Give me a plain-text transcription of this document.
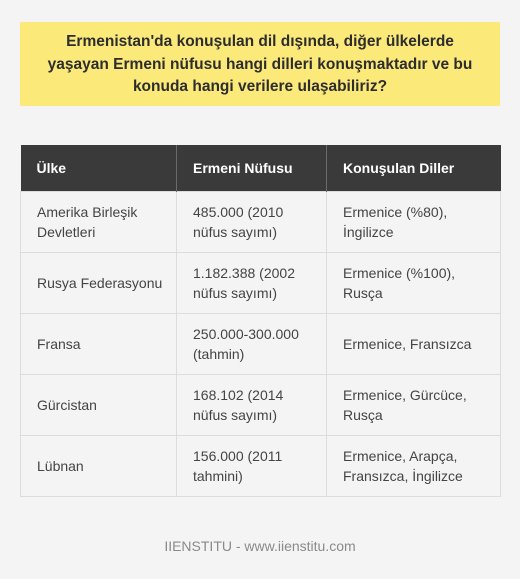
Ermenistan'da konuşulan dil dışında, diğer ülkelerde yaşayan Ermeni nüfusu hangi dilleri konuşmaktadır ve bu konuda hangi verilere ulaşabiliriz?
Ülke	Ermeni Nüfusu	Konuşulan Diller
Amerika Birleşik Devletleri	485.000 (2010 nüfus sayımı)	Ermenice (%80), İngilizce
Rusya Federasyonu	1.182.388 (2002 nüfus sayımı)	Ermenice (%100), Rusça
Fransa	250.000-300.000 (tahmin)	Ermenice, Fransızca
Gürcistan	168.102 (2014 nüfus sayımı)	Ermenice, Gürcüce, Rusça
Lübnan	156.000 (2011 tahmini)	Ermenice, Arapça, Fransızca, İngilizce
IIENSTITU - www.iienstitu.com
